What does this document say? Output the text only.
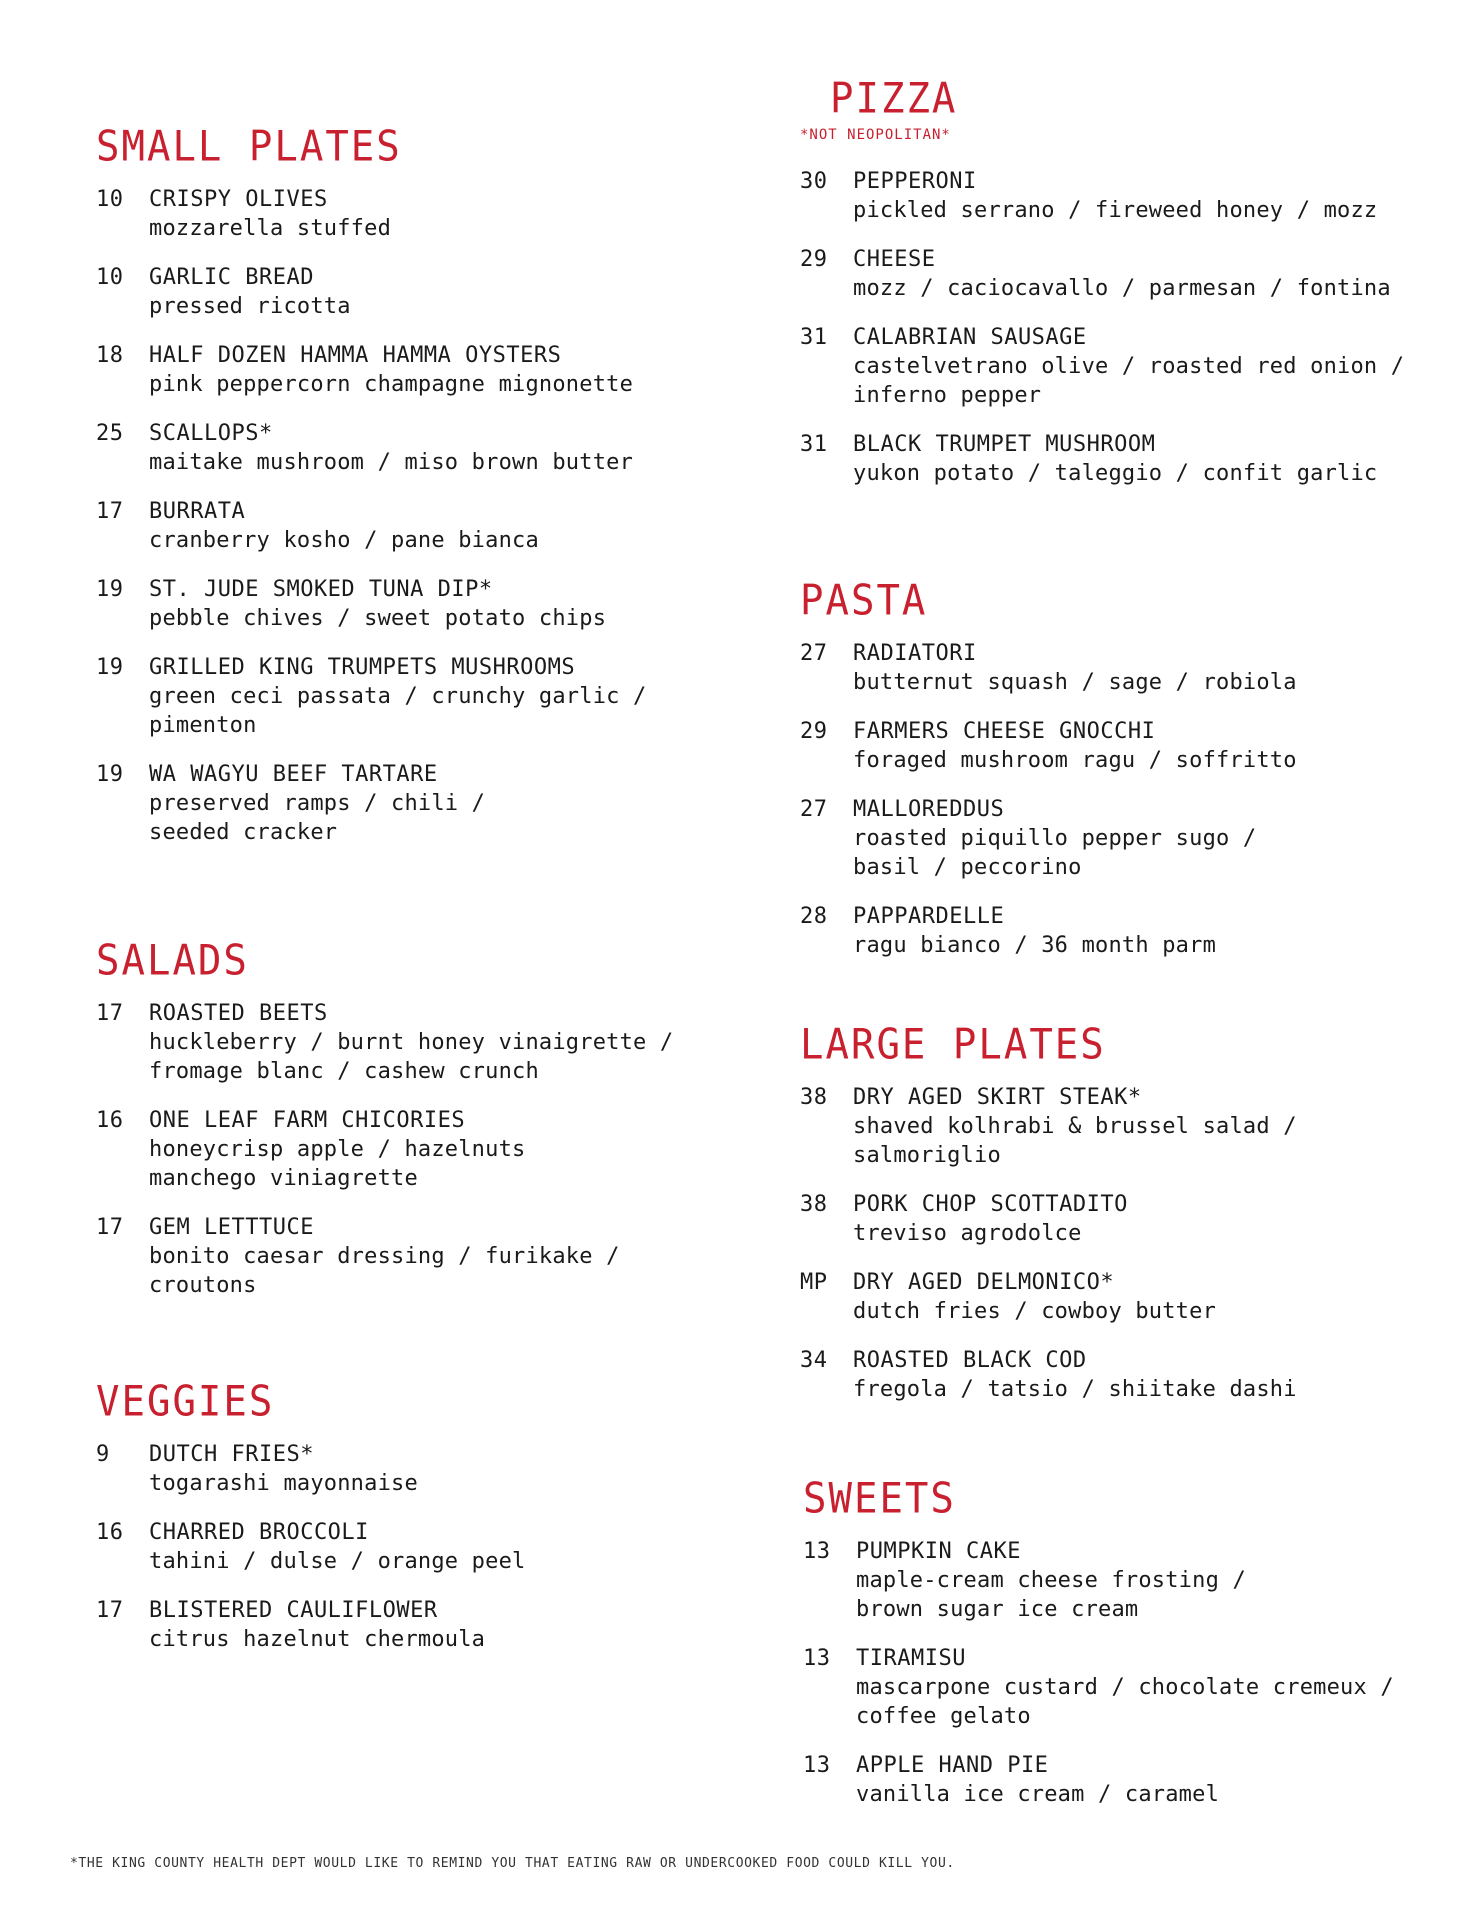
SMALL PLATES
10	CRISPY OLIVES
mozzarella stuffed
10	GARLIC BREAD
pressed ricotta
18	HALF DOZEN HAMMA HAMMA OYSTERS
pink peppercorn champagne mignonette
25	SCALLOPS*
maitake mushroom / miso brown butter
17	BURRATA
cranberry kosho / pane bianca
19	ST. JUDE SMOKED TUNA DIP*
pebble chives / sweet potato chips
19	GRILLED KING TRUMPETS MUSHROOMS
green ceci passata / crunchy garlic /
pimenton
19	WA WAGYU BEEF TARTARE
preserved ramps / chili /
seeded cracker
SALADS
17	ROASTED BEETS
huckleberry / burnt honey vinaigrette /
fromage blanc / cashew crunch
16	ONE LEAF FARM CHICORIES
honeycrisp apple / hazelnuts
manchego viniagrette
17	GEM LETTTUCE
bonito caesar dressing / furikake /
croutons
VEGGIES
9	DUTCH FRIES*
togarashi mayonnaise
16	CHARRED BROCCOLI
tahini / dulse / orange peel
17	BLISTERED CAULIFLOWER
citrus hazelnut chermoula
PIZZA
*NOT NEOPOLITAN*
30	PEPPERONI
pickled serrano / fireweed honey / mozz
29	CHEESE
mozz / caciocavallo / parmesan / fontina
31	CALABRIAN SAUSAGE
castelvetrano olive / roasted red onion /
inferno pepper
31	BLACK TRUMPET MUSHROOM
yukon potato / taleggio / confit garlic
PASTA
27	RADIATORI
butternut squash / sage / robiola
29	FARMERS CHEESE GNOCCHI
foraged mushroom ragu / soffritto
27	MALLOREDDUS
roasted piquillo pepper sugo /
basil / peccorino
28	PAPPARDELLE
ragu bianco / 36 month parm
LARGE PLATES
38	DRY AGED SKIRT STEAK*
shaved kolhrabi & brussel salad /
salmoriglio
38	PORK CHOP SCOTTADITO
treviso agrodolce
MP	DRY AGED DELMONICO*
dutch fries / cowboy butter
34	ROASTED BLACK COD
fregola / tatsio / shiitake dashi
SWEETS
13	PUMPKIN CAKE
maple-cream cheese frosting /
brown sugar ice cream
13	TIRAMISU
mascarpone custard / chocolate cremeux /
coffee gelato
13	APPLE HAND PIE
vanilla ice cream / caramel
*THE KING COUNTY HEALTH DEPT WOULD LIKE TO REMIND YOU THAT EATING RAW OR UNDERCOOKED FOOD COULD KILL YOU.
